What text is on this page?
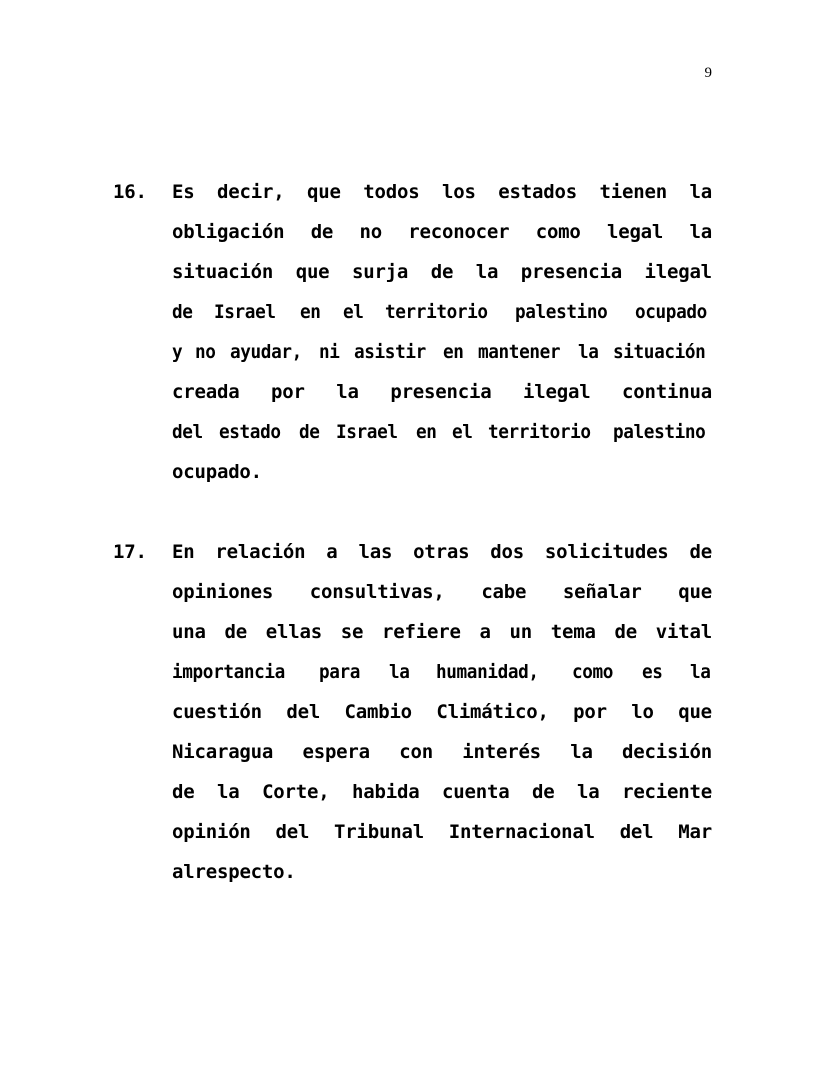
9
16. Es decir, que todos los estados tienen la
obligación de no reconocer como legal la
situación que surja de la presencia ilegal
de Israel en el territorio palestino ocupado
y no ayudar, ni asistir en mantener la situación
creada por la presencia ilegal continua
del estado de Israel en el territorio palestino
ocupado.
17. En relación a las otras dos solicitudes de
opiniones consultivas, cabe señalar que
una de ellas se refiere a un tema de vital
importancia para la humanidad, como es la
cuestión del Cambio Climático, por lo que
Nicaragua espera con interés la decisión
de la Corte, habida cuenta de la reciente
opinión del Tribunal Internacional del Mar
al respecto.
